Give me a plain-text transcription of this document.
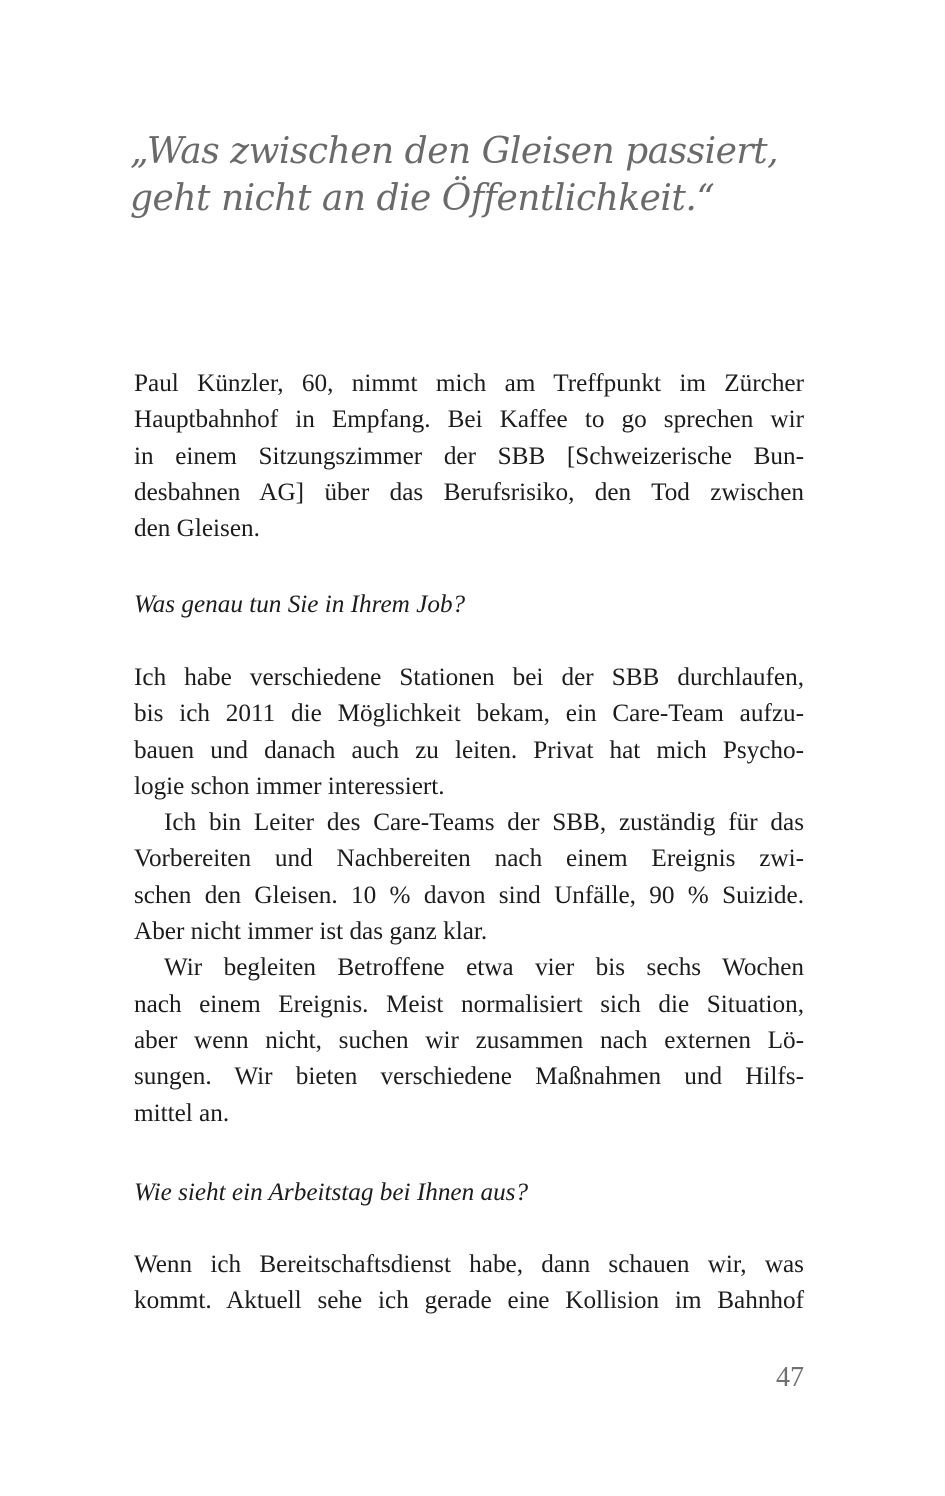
„Was zwischen den Gleisen passiert,
geht nicht an die Öffentlichkeit.“
Paul Künzler, 60, nimmt mich am Treffpunkt im Zürcher
Hauptbahnhof in Empfang. Bei Kaffee to go sprechen wir
in einem Sitzungszimmer der SBB [Schweizerische Bun-
desbahnen AG] über das Berufsrisiko, den Tod zwischen
den Gleisen.
Was genau tun Sie in Ihrem Job?
Ich habe verschiedene Stationen bei der SBB durchlaufen,
bis ich 2011 die Möglichkeit bekam, ein Care-Team aufzu-
bauen und danach auch zu leiten. Privat hat mich Psycho-
logie schon immer interessiert.
Ich bin Leiter des Care-Teams der SBB, zuständig für das
Vorbereiten und Nachbereiten nach einem Ereignis zwi-
schen den Gleisen. 10 % davon sind Unfälle, 90 % Suizide.
Aber nicht immer ist das ganz klar.
Wir begleiten Betroffene etwa vier bis sechs Wochen
nach einem Ereignis. Meist normalisiert sich die Situation,
aber wenn nicht, suchen wir zusammen nach externen Lö-
sungen. Wir bieten verschiedene Maßnahmen und Hilfs-
mittel an.
Wie sieht ein Arbeitstag bei Ihnen aus?
Wenn ich Bereitschaftsdienst habe, dann schauen wir, was
kommt. Aktuell sehe ich gerade eine Kollision im Bahnhof
47
